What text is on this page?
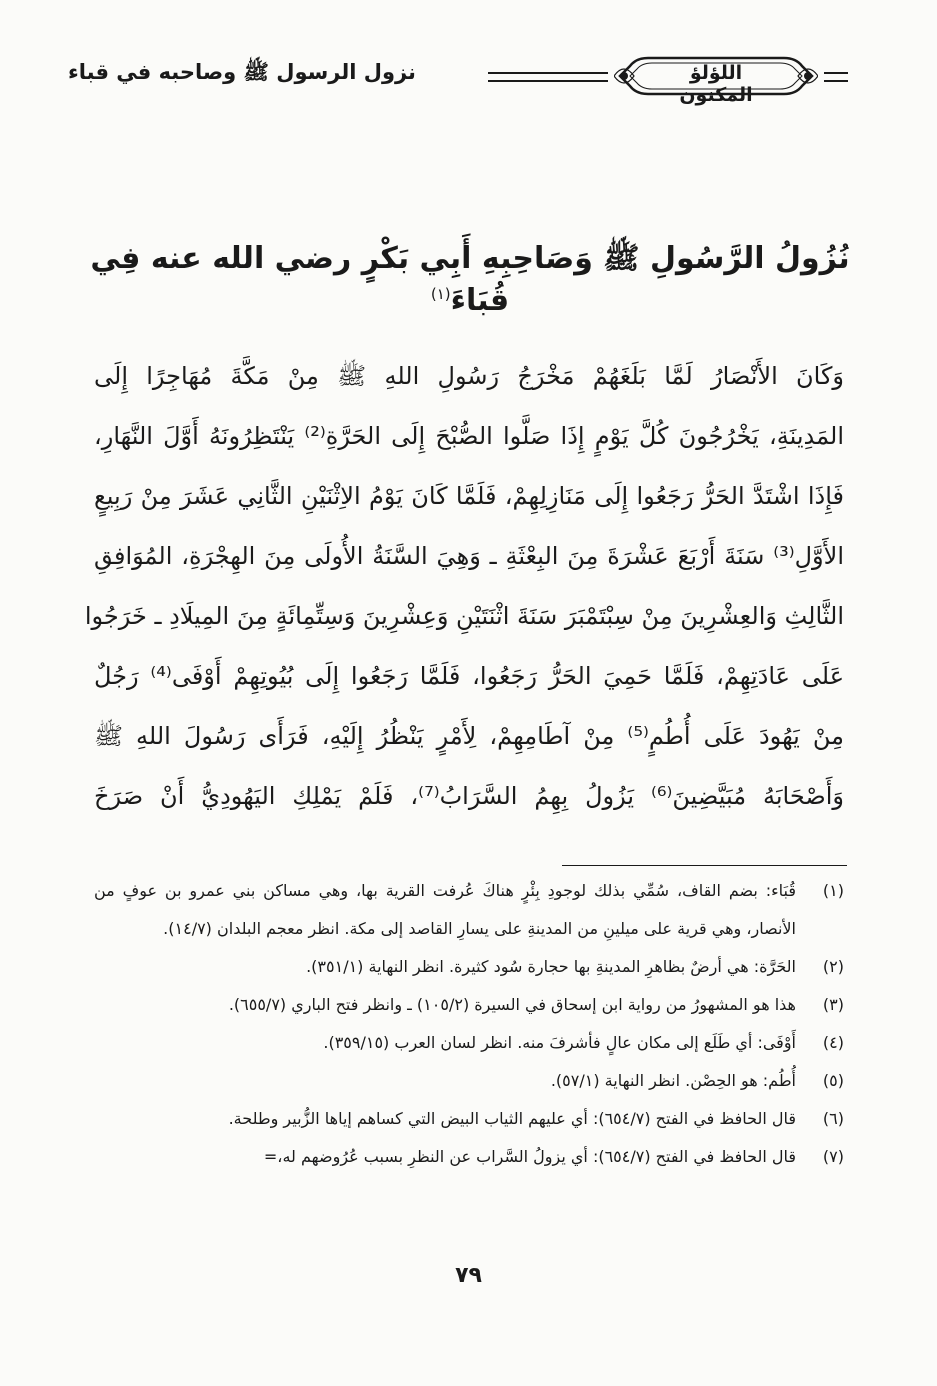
اللؤلؤ المكنون
نزول الرسول ﷺ وصاحبه في قباء
نُزُولُ الرَّسُولِ ﷺ وَصَاحِبِهِ أَبِي بَكْرٍ رضي الله عنه فِي قُبَاءَ$^{(١)}$

وَكَانَ الأَنْصَارُ لَمَّا بَلَغَهُمْ مَخْرَجُ رَسُولِ اللهِ ﷺ مِنْ مَكَّةَ مُهَاجِرًا إِلَى

المَدِينَةِ، يَخْرُجُونَ كُلَّ يَوْمٍ إِذَا صَلَّوا الصُّبْحَ إِلَى الحَرَّةِ⁽²⁾ يَنْتَظِرُونَهُ أَوَّلَ النَّهَارِ،

فَإِذَا اشْتَدَّ الحَرُّ رَجَعُوا إِلَى مَنَازِلِهِمْ، فَلَمَّا كَانَ يَوْمُ الاِثْنَيْنِ الثَّانِي عَشَرَ مِنْ رَبِيعٍ

الأَوَّلِ⁽³⁾ سَنَةَ أَرْبَعَ عَشْرَةَ مِنَ البِعْثَةِ ـ وَهِيَ السَّنَةُ الأُولَى مِنَ الهِجْرَةِ، المُوَافِقِ

الثَّالِثِ وَالعِشْرِينَ مِنْ سِبْتَمْبَرَ سَنَةَ اثْنَتَيْنِ وَعِشْرِينَ وَسِتِّمِائَةٍ مِنَ المِيلَادِ ـ خَرَجُوا

عَلَى عَادَتِهِمْ، فَلَمَّا حَمِيَ الحَرُّ رَجَعُوا، فَلَمَّا رَجَعُوا إِلَى بُيُوتِهِمْ أَوْفَى⁽⁴⁾ رَجُلٌ

مِنْ يَهُودَ عَلَى أُطُمٍ⁽⁵⁾ مِنْ آطَامِهِمْ، لِأَمْرٍ يَنْظُرُ إِلَيْهِ، فَرَأَى رَسُولَ اللهِ ﷺ

وَأَصْحَابَهُ مُبَيَّضِينَ⁽⁶⁾ يَزُولُ بِهِمُ السَّرَابُ⁽⁷⁾، فَلَمْ يَمْلِكِ اليَهُودِيُّ أَنْ صَرَخَ

(١)
قُبَاء: بضم القاف، سُمِّي بذلك لوجودِ بِئْرٍ هناكَ عُرفت القرية بها، وهي مساكن بني عمرو بن عوفٍ من الأنصار، وهي قرية على ميلينِ من المدينةِ على يسارِ القاصد إلى مكة. انظر معجم البلدان (١٤/٧).
(٢)
الحَرَّة: هي أرضٌ بظاهرِ المدينةِ بها حجارة سُود كثيرة. انظر النهاية (٣٥١/١).
(٣)
هذا هو المشهورُ من رواية ابن إسحاق في السيرة (١٠٥/٢) ـ وانظر فتح الباري (٦٥٥/٧).
(٤)
أَوْفَى: أي طَلَع إلى مكان عالٍ فأشرفَ منه. انظر لسان العرب (٣٥٩/١٥).
(٥)
أُطُم: هو الحِصْن. انظر النهاية (٥٧/١).
(٦)
قال الحافظ في الفتح (٦٥٤/٧): أي عليهم الثياب البيض التي كساهم إياها الزُّبير وطلحة.
(٧)
قال الحافظ في الفتح (٦٥٤/٧): أي يزولُ السَّراب عن النظرِ بسبب عُرُوضهم له،=
٧٩
